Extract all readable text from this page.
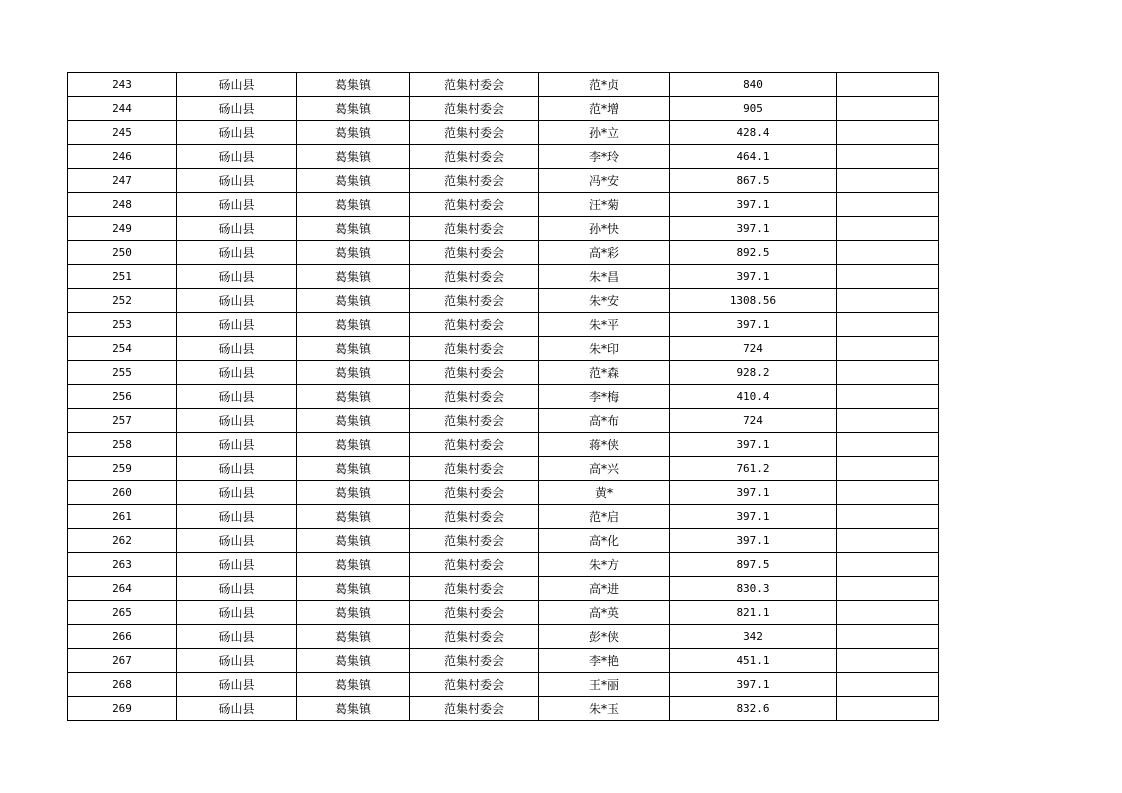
243	砀山县	葛集镇	范集村委会	范*贞	840	
244	砀山县	葛集镇	范集村委会	范*增	905	
245	砀山县	葛集镇	范集村委会	孙*立	428.4	
246	砀山县	葛集镇	范集村委会	李*玲	464.1	
247	砀山县	葛集镇	范集村委会	冯*安	867.5	
248	砀山县	葛集镇	范集村委会	汪*菊	397.1	
249	砀山县	葛集镇	范集村委会	孙*快	397.1	
250	砀山县	葛集镇	范集村委会	高*彩	892.5	
251	砀山县	葛集镇	范集村委会	朱*昌	397.1	
252	砀山县	葛集镇	范集村委会	朱*安	1308.56	
253	砀山县	葛集镇	范集村委会	朱*平	397.1	
254	砀山县	葛集镇	范集村委会	朱*印	724	
255	砀山县	葛集镇	范集村委会	范*森	928.2	
256	砀山县	葛集镇	范集村委会	李*梅	410.4	
257	砀山县	葛集镇	范集村委会	高*布	724	
258	砀山县	葛集镇	范集村委会	蒋*侠	397.1	
259	砀山县	葛集镇	范集村委会	高*兴	761.2	
260	砀山县	葛集镇	范集村委会	黄*	397.1	
261	砀山县	葛集镇	范集村委会	范*启	397.1	
262	砀山县	葛集镇	范集村委会	高*化	397.1	
263	砀山县	葛集镇	范集村委会	朱*方	897.5	
264	砀山县	葛集镇	范集村委会	高*进	830.3	
265	砀山县	葛集镇	范集村委会	高*英	821.1	
266	砀山县	葛集镇	范集村委会	彭*侠	342	
267	砀山县	葛集镇	范集村委会	李*艳	451.1	
268	砀山县	葛集镇	范集村委会	王*丽	397.1	
269	砀山县	葛集镇	范集村委会	朱*玉	832.6	
